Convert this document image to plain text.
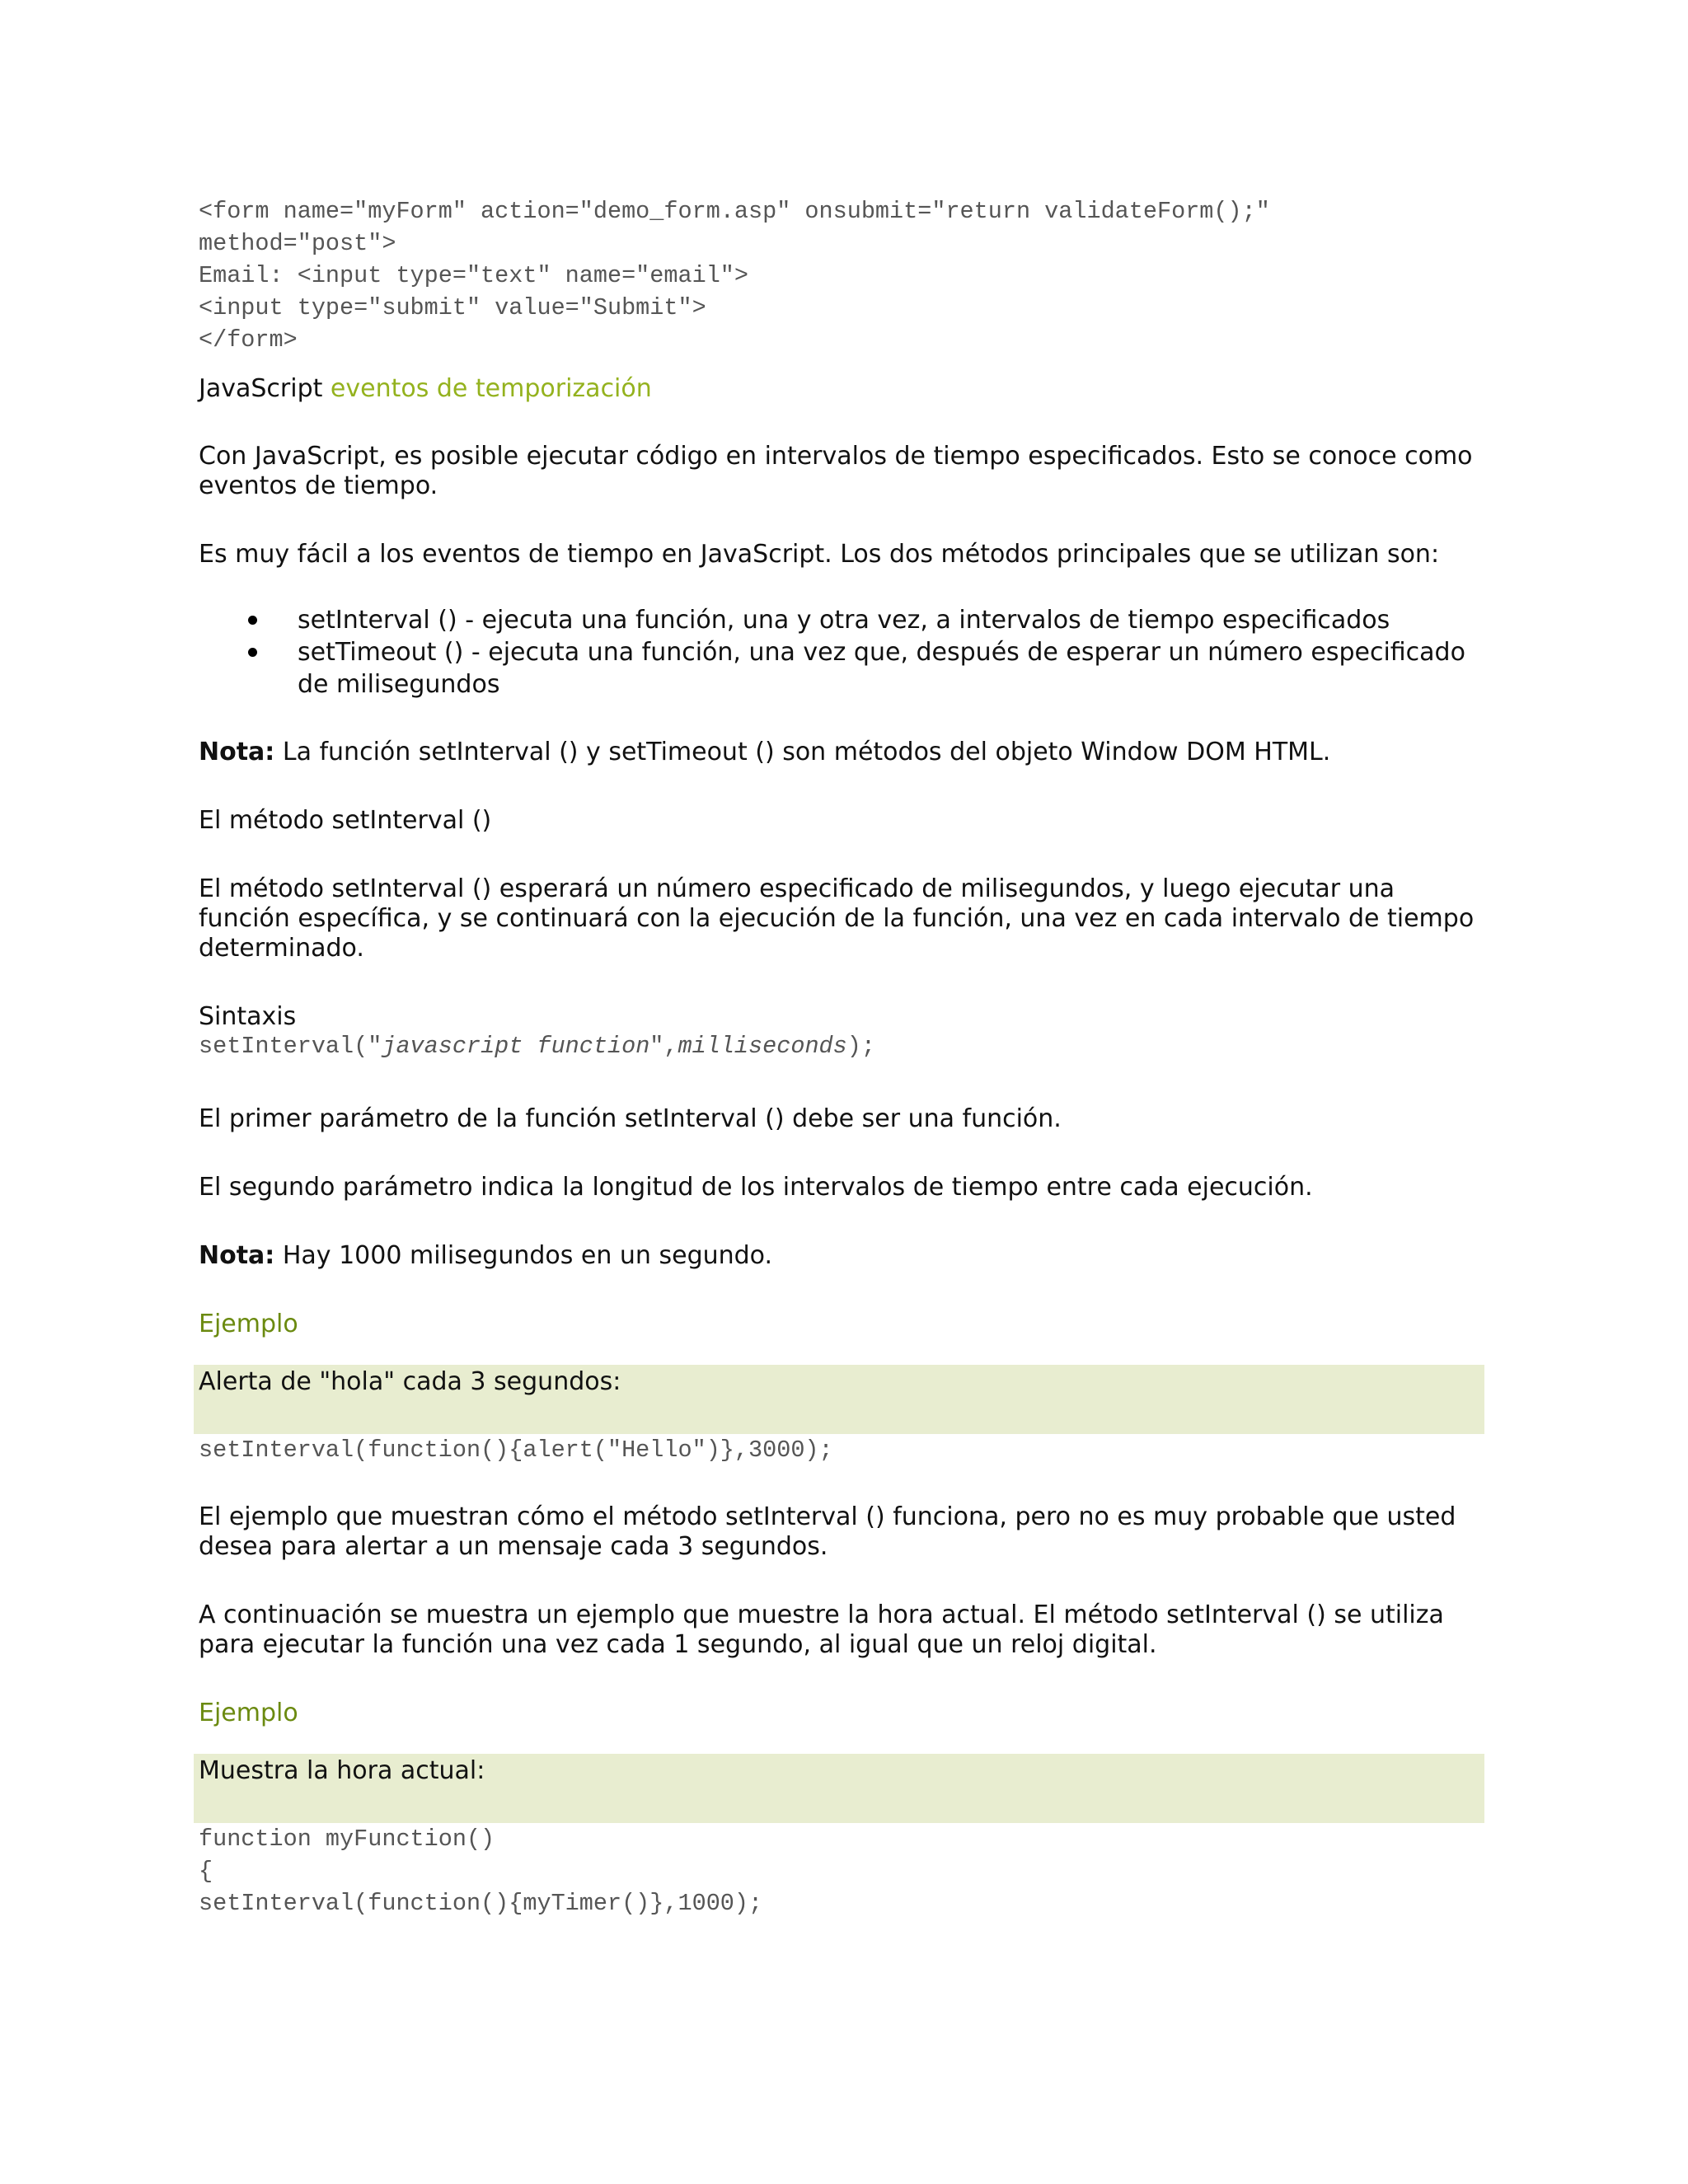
<form name="myForm" action="demo_form.asp" onsubmit="return validateForm();"
method="post">
Email: <input type="text" name="email">
<input type="submit" value="Submit">
</form>
JavaScript eventos de temporización

Con JavaScript, es posible ejecutar código en intervalos de tiempo especificados. Esto se conoce como eventos de tiempo.

Es muy fácil a los eventos de tiempo en JavaScript. Los dos métodos principales que se utilizan son:

setInterval () - ejecuta una función, una y otra vez, a intervalos de tiempo especificados
setTimeout () - ejecuta una función, una vez que, después de esperar un número especificado de milisegundos

Nota: La función setInterval () y setTimeout () son métodos del objeto Window DOM HTML.

El método setInterval ()

El método setInterval () esperará un número especificado de milisegundos, y luego ejecutar una función específica, y se continuará con la ejecución de la función, una vez en cada intervalo de tiempo determinado.

Sintaxis

setInterval("javascript function",milliseconds);

El primer parámetro de la función setInterval () debe ser una función.

El segundo parámetro indica la longitud de los intervalos de tiempo entre cada ejecución.

Nota: Hay 1000 milisegundos en un segundo.

Ejemplo

Alerta de "hola" cada 3 segundos:

setInterval(function(){alert("Hello")},3000);

El ejemplo que muestran cómo el método setInterval () funciona, pero no es muy probable que usted desea para alertar a un mensaje cada 3 segundos.

A continuación se muestra un ejemplo que muestre la hora actual. El método setInterval () se utiliza para ejecutar la función una vez cada 1 segundo, al igual que un reloj digital.

Ejemplo

Muestra la hora actual:

function myFunction()
{
setInterval(function(){myTimer()},1000);
